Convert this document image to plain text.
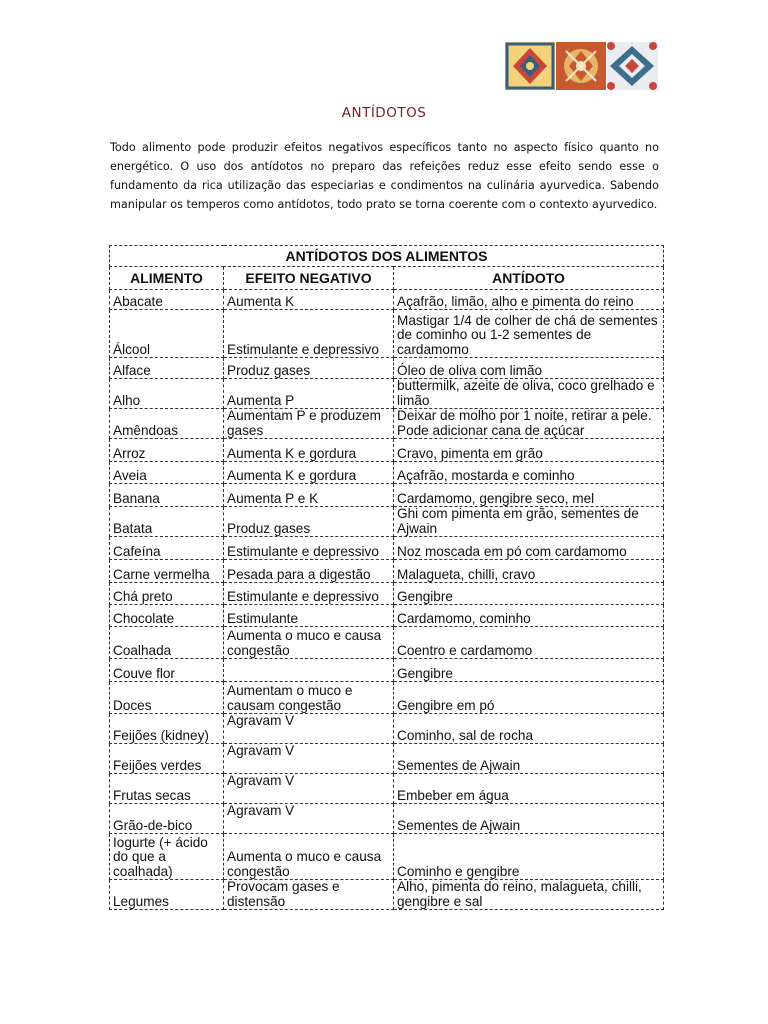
ANTÍDOTOS
Todo alimento pode produzir efeitos negativos específicos tanto no aspecto físico quanto no energético. O uso dos antídotos no preparo das refeições reduz esse efeito sendo esse o fundamento da rica utilização das especiarias e condimentos na culinária ayurvedica. Sabendo manipular os temperos como antídotos, todo prato se torna coerente com o contexto ayurvedico.
ANTÍDOTOS DOS ALIMENTOS		
ALIMENTO	EFEITO NEGATIVO	ANTÍDOTO
Abacate	Aumenta K	Açafrão, limão, alho e pimenta do reino
Álcool	Estimulante e depressivo	Mastigar 1/4 de colher de chá de sementes de cominho ou 1-2 sementes de cardamomo
Alface	Produz gases	Óleo de oliva com limão
Alho	Aumenta P	buttermilk, azeite de oliva, coco grelhado e limão
Amêndoas	Aumentam P e produzem gases	Deixar de molho por 1 noite, retirar a pele. Pode adicionar cana de açúcar
Arroz	Aumenta K e gordura	Cravo, pimenta em grão
Aveia	Aumenta K e gordura	Açafrão, mostarda e cominho
Banana	Aumenta P e K	Cardamomo, gengibre seco, mel
Batata	Produz gases	Ghi com pimenta em grão, sementes de Ajwain
Cafeína	Estimulante e depressivo	Noz moscada em pó com cardamomo
Carne vermelha	Pesada para a digestão	Malagueta, chilli, cravo
Chá preto	Estimulante e depressivo	Gengibre
Chocolate	Estimulante	Cardamomo, cominho
Coalhada	Aumenta o muco e causa congestão	Coentro e cardamomo
Couve flor		Gengibre
Doces	Aumentam o muco e causam congestão	Gengibre em pó
Feijões (kidney)	Agravam V	Cominho, sal de rocha
Feijões verdes	Agravam V	Sementes de Ajwain
Frutas secas	Agravam V	Embeber em água
Grão-de-bico	Agravam V	Sementes de Ajwain
Iogurte (+ ácido do que a coalhada)	Aumenta o muco e causa congestão	Cominho e gengibre
Legumes	Provocam gases e distensão	Alho, pimenta do reino, malagueta, chilli, gengibre e sal
